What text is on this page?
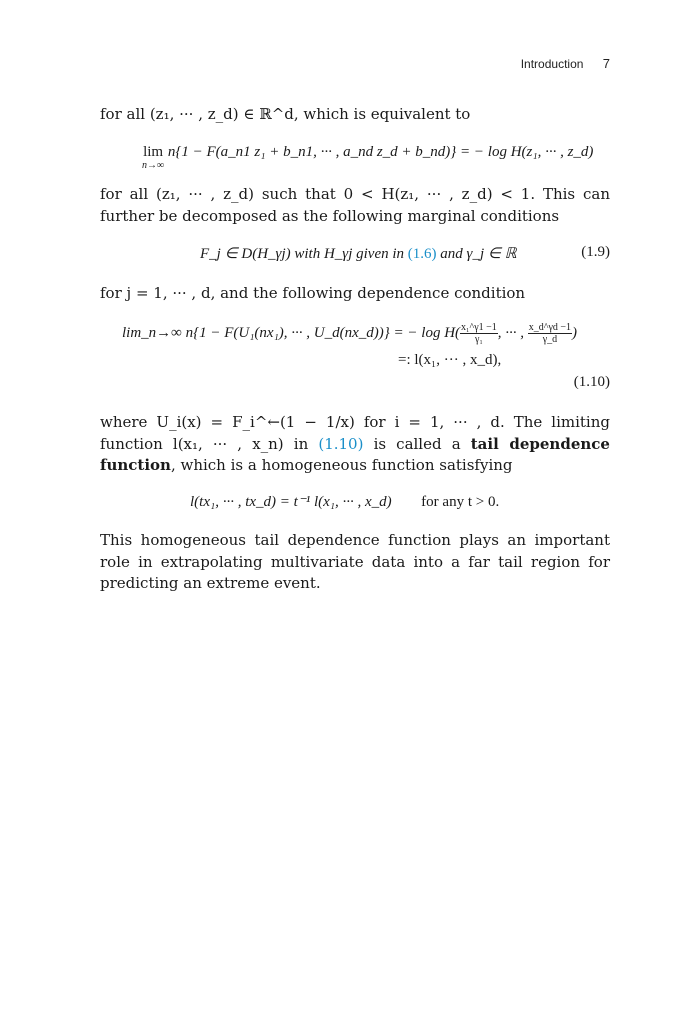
Introduction 7
for all (z₁, ··· , z_d) ∈ ℝ^d, which is equivalent to
lim
n→∞
n{1 − F(a_n1 z₁ + b_n1, ··· , a_nd z_d + b_nd)} = − log H(z₁, ··· , z_d)
for all (z₁, ··· , z_d) such that 0 < H(z₁, ··· , z_d) < 1. This can further be decomposed as the following marginal conditions
F_j ∈ D(H_γj) with H_γj given in (1.6) and γ_j ∈ ℝ	(1.9)
for j = 1, ··· , d, and the following dependence condition
lim_n→∞ n{1 − F(U₁(nx₁), ··· , U_d(nx_d))} = − $\log H( \frac{\text{x₁\textasciicircum{}γ1 −1}}{\text{γ₁}}$ , ··· , $\frac{x\_d\^{}\gamma d -1}{\gamma\_d}$ )
=: l(x₁, ··· , x_d),
(1.10)
where U_i(x) = F_i^←(1 − 1/x) for i = 1, ··· , d. The limiting function l(x₁, ··· , x_n) in (1.10) is called a tail dependence function, which is a homogeneous function satisfying
l(tx₁, ··· , tx_d) = t⁻¹ l(x₁, ··· , x_d) for any t > 0.
This homogeneous tail dependence function plays an important role in extrapolating multivariate data into a far tail region for predicting an extreme event.
